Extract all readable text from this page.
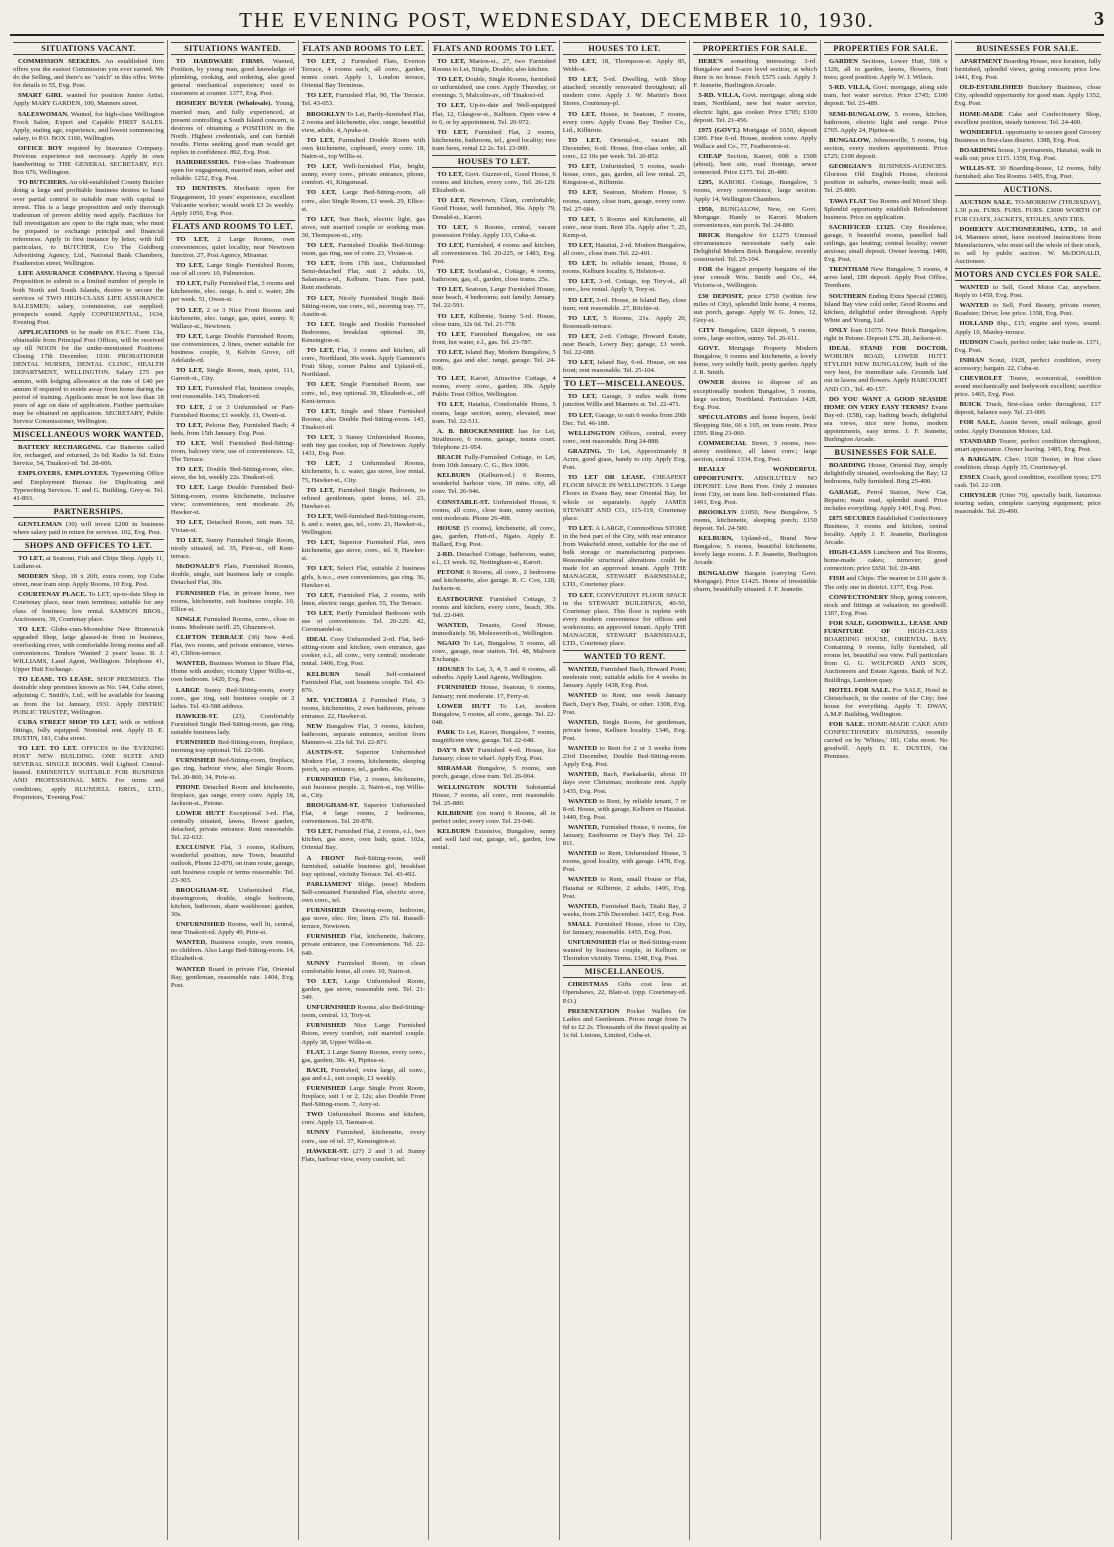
THE EVENING POST, WEDNESDAY, DECEMBER 10, 1930.	3
SITUATIONS VACANT.

COMMISSION SEEKERS. An established firm offers you the easiest Commission you ever earned. We do the Selling, and there's no "catch" in this offer. Write for details to 55, Evg. Post.

SMART GIRL wanted for position Junior Artist. Apply MARY GARDEN, 100, Manners street.

SALESWOMAN. Wanted, for high-class Wellington Frock Salon, Expert and Capable FIRST SALES. Apply, stating age, experience, and lowest commencing salary, to P.O. BOX 1166, Wellington.

OFFICE BOY required by Insurance Company. Previous experience not necessary. Apply in own handwriting to THE GENERAL SECRETARY, P.O. Box 676, Wellington.

TO BUTCHERS. An old-established County Butcher doing a large and profitable business desires to hand over partial control to suitable man with capital to invest. This is a large proposition and only thorough tradesman of proven ability need apply. Facilities for full investigation are open to the right man, who must be prepared to exchange principal and financial references. Apply in first instance by letter, with full particulars, to BUTCHER, C/o The Goldberg Advertising Agency, Ltd., National Bank Chambers, Featherston street, Wellington.

LIFE ASSURANCE COMPANY. Having a Special Proposition to submit to a limited number of people in both North and South Islands, desires to secure the services of TWO HIGH-CLASS LIFE ASSURANCE SALESMEN; salary, commission, car supplied; prospects sound. Apply CONFIDENTIAL, 1634, Evening Post.

APPLICATIONS to be made on P.S.C. Form 13a, obtainable from Principal Post Offices, will be received up till NOON for the under-mentioned Positions: Closing 17th December, 1930. PROBATIONER DENTAL NURSES, DENTAL CLINIC, HEALTH DEPARTMENT, WELLINGTON. Salary £75 per annum, with lodging allowance at the rate of £40 per annum if required to reside away from home during the period of training. Applicants must be not less than 18 years of age on date of application. Further particulars may be obtained on application. SECRETARY, Public Service Commissioner, Wellington.

MISCELLANEOUS WORK WANTED.

BATTERY RECHARGING. Car Batteries called for, recharged, and returned, 2s 6d; Radio 1s 6d. Extra Service, 54, Tinakori-rd. Tel. 28-606.

EMPLOYERS, EMPLOYEES. Typewriting Office and Employment Bureau for Duplicating and Typewriting Services. T. and G. Building, Grey-st. Tel. 41-893.

PARTNERSHIPS.

GENTLEMAN (30) will invest £200 in business where salary paid in return for services. 102, Evg. Post.

SHOPS AND OFFICES TO LET.

TO LET, at Seatoun, Fish and Chips Shop. Apply 11, Ludlam-st.

MODERN Shop, 18 x 20ft, extra room, top Cuba street, near tram stop. Apply Rooms, 10 Evg. Post.

COURTENAY PLACE. To LET, up-to-date Shop in Courtenay place, near tram terminus; suitable for any class of business; low rental. SAMSON BROS., Auctioneers, 39, Courtenay place.

TO LET. Globe-cum-Moonshine New Brunswick upgraded Shop, large glassed-in front in business, overlooking river, with comfortable living rooms and all conveniences. Tenders 'Wanted' 2 years' lease. B. J. WILLIAMS, Land Agent, Wellington. Telephone 41, Upper Hutt Exchange.

TO LEASE. TO LEASE. SHOP PREMISES. The desirable shop premises known as No. 144, Cuba street, adjoining C. Smith's, Ltd., will be available for leasing as from the 1st January, 1931. Apply DISTRIC PUBLIC TRUSTEE, Wellington.

CUBA STREET SHOP TO LET, with or without fittings, fully equipped. Nominal rent. Apply D. E. DUSTIN, 181, Cuba street.

TO LET. TO LET. OFFICES in the 'EVENING POST' NEW BUILDING. ONE SUITE AND SEVERAL SINGLE ROOMS. Well Lighted. Central-heated. EMINENTLY SUITABLE FOR BUSINESS AND PROFESSIONAL MEN. For terms and conditions, apply BLUNDELL BROS., LTD., Proprietors, 'Evening Post.'

SITUATIONS WANTED.

TO HARDWARE FIRMS. Wanted, Position, by young man, good knowledge of plumbing, cooking, and ordering, also good general mechanical experience; used to customers at counter. 1377, Evg. Post.

HOSIERY BUYER (Wholesale). Young, married man, and fully experienced, at present controlling a South Island concern, is desirous of obtaining a POSITION in the North. Highest credentials, and can furnish results. Firms seeking good man would get replies in confidence. 892, Evg. Post.

HAIRDRESSERS. First-class Tradesman open for engagement, married man, sober and reliable. 1252, Evg. Post.

TO DENTISTS. Mechanic open for Engagement, 10 years' experience, excellent Vulcanite worker; would work £3 2s weekly. Apply 1050, Evg. Post.

FLATS AND ROOMS TO LET.

TO LET, 2 Large Rooms, own conveniences, quiet locality, near Newtown Junction. 27, Post Agency, Miramar.

TO LET, Large Single Furnished Room, use of all conv. 10, Palmerston.

TO LET, Fully Furnished Flat, 3 rooms and kitchenette, elec. range, h. and c. water; 28s per week. 51, Owen-st.

TO LET, 2 or 3 Nice Front Rooms and kitchenette, elec. range, gas, quiet, sunny. 9, Wallace-st., Newtown.

TO LET, Large Double Furnished Room, use conveniences, 2 lines, owner suitable for business couple, 9, Kelvin Grove, off Adelaide-rd.

TO LET, Single Room, man, quiet, 111, Garrett-st., City.

TO LET, Furnished Flat, business couple, rent reasonable. 143, Tinakori-rd.

TO LET, 2 or 3 Unfurnished or Part-Furnished Rooms; £1 weekly. 11, Owen-st.

TO LET, Pelorus Bay, Furnished Bach; 4 beds, from 15th January. Evg. Post.

TO LET, Well Furnished Bed-Sitting-room, balcony view, use of conveniences. 12, The Terrace.

TO LET, Double Bed-Sitting-room, elec. stove, the lot, weekly 22s. Tinakori-rd.

TO LET, Large Double Furnished Bed-Sitting-room, rooms kitchenette, inclusive view; conveniences, rent moderate. 26, Hawker-st.

TO LET, Detached Room, suit man. 32, Vivian-st.

TO LET, Sunny Furnished Single Room, nicely situated, tel. 35, Pirie-st., off Kent-terrace.

McDONALD'S Flats, Furnished Rooms, double, single, suit business lady or couple. Detached Flat, 30s.

FURNISHED Flat, in private home, two rooms, kitchenette, suit business couple. 10, Ellice-st.

SINGLE Furnished Rooms, conv., close to trams. Moderate tariff. 25, Ghuznee-st.

CLIFTON TERRACE (36) New 4-rd. Flat, two rooms, and private entrance, views. 43, Clifton-terrace.

WANTED, Business Women to Share Flat, Home with another, vicinity Upper Willis-st., own bedroom. 1420, Evg. Post.

LARGE Sunny Bed-Sitting-room, every conv., gas ring, suit business couple or 2 ladies. Tel. 43-588 address.

HAWKER-ST. (23), Comfortably Furnished Single Bed-Sitting-room, gas ring, suitable business lady.

FURNISHED Bed-Sitting-room, fireplace, morning tray optional. Tel. 22-506.

FURNISHED Bed-Sitting-room, fireplace, gas ring, harbour view, also Single Room. Tel. 20-860, 34, Pirie-st.

PHONE Detached Room and kitchenette, fireplace, gas range, every conv. Apply 18, Jackson-st., Petone.

LOWER HUTT Exceptional 3-rd. Flat, centrally situated, lawns, flower garden, detached, private entrance. Rent reasonable. Tel. 22-632.

EXCLUSIVE Flat, 3 rooms, Kelburn, wonderful position, new Town, beautiful outlook, Phone 22-870, on tram route, garage, suit business couple or terms reasonable. Tel. 23-303.

BROUGHAM-ST. Unfurnished Flat, drawingroom, double, single bedroom, kitchen, bathroom, share washhouse; garden, 30s.

UNFURNISHED Rooms, well lit, central, near Tinakori-rd. Apply 49, Pirie-st.

WANTED, Business couple, own rooms, no children. Also Large Bed-Sitting-room. 14, Elizabeth-st.

WANTED Board in private Flat, Oriental Bay, gentleman, reasonable rate. 1404, Evg. Post.

FLATS AND ROOMS TO LET.

TO LET, 2 Furnished Flats, Everton Terrace, 4 rooms each, all conv., garden, tennis court. Apply 1, London terrace, Oriental Bay Terminus.

TO LET, Furnished Flat, 90, The Terrace. Tel. 43-053.

BROOKLYN To Let, Partly-furnished Flat, 2 rooms and kitchenette, elec. range, beautiful view, adults. 4, Apuka-st.

TO LET, Furnished Double Room with own kitchenette, cupboard, every conv. 18, Nairn-st., top Willis-st.

TO LET, Well-furnished Flat, bright, sunny, every conv., private entrance, phone, comfort. 41, Kingsmead.

TO LET, Large Bed-Sitting-room, all conv., also Single Room, £1 week. 29, Ellice-st.

TO LET, Sun Back, electric light, gas stove, suit married couple or working man. 30, Thompson-st., city.

TO LET, Furnished Double Bed-Sitting-room, gas ring, use of conv. 23, Vivian-st.

TO LET, from 17th inst., Unfurnished Semi-detached Flat, suit 2 adults. 16, Salamanca-rd., Kelburn. Tram. Fare paid. Rent moderate.

TO LET, Nicely Furnished Single Bed-Sitting-room, use conv., tel., morning tray. 77, Austin-st.

TO LET, Single and Double Furnished Bedrooms, breakfast optional. 39, Kensington-st.

TO LET, Flat, 3 rooms and kitchen, all conv., Northland, 30s week. Apply Gammon's Fruit Shop, corner Palms and Upland-rd., Northland.

TO LET, Single Furnished Room, use conv., tel., tray optional. 39, Elizabeth-st., off Kent-terrace.

TO LET, Single and Share Furnished Rooms; also Double Bed-Sitting-room. 143, Tinakori-rd.

TO LET, 3 Sunny Unfurnished Rooms, with tiny gas cooker, top of Newtown. Apply 1431, Evg. Post.

TO LET, 2 Unfurnished Rooms, kitchenette, h. c. water, gas stove, low rental. 75, Hawker-st., City.

TO LET, Furnished Single Bedroom, to refined gentleman, quiet home, tel. 23, Hawker-st.

TO LET, Well-furnished Bed-Sitting-room, h. and c. water, gas, tel., conv. 21, Hawker-st., Wellington.

TO LET, Superior Furnished Flat, own kitchenette, gas stove, conv., tel. 9, Hawker-st.

TO LET, Select Flat, suitable 2 business girls, h.w.c., own conveniences, gas ring. 36, Hawker-st.

TO LET, Furnished Flat, 2 rooms, with linen, electric range, garden. 55, The Terrace.

TO LET, Partly Furnished Bedroom with use of conveniences. Tel. 20-229. 42, Coromandel-st.

IDEAL Cosy Unfurnished 2-rd. Flat, bed-sitting-room and kitchen, own entrance, gas cooker, e.l., all conv., very central; moderate rental. 1406, Evg. Post.

KELBURN Small Self-contained Furnished Flat, suit business couple. Tel. 43-876.

MT. VICTORIA 2 Furnished Flats, 3 rooms, kitchenettes, 2 own bathroom, private entrance. 22, Hawker-st.

NEW Bungalow Flat, 3 rooms, kitchen, bathroom, separate entrance, section from Manners-st. 22s 6d. Tel. 22-871.

AUSTIN-ST. Superior Unfurnished Modern Flat, 3 rooms, kitchenette, sleeping porch, sep. entrance, tel., garden. 45s.

FURNISHED Flat, 2 rooms, kitchenette, suit business people. 2, Nairn-st., top Willis-st., City.

BROUGHAM-ST. Superior Unfurnished Flat, 4 large rooms, 2 bedrooms, conveniences. Tel. 20-878.

TO LET, Furnished Flat, 2 rooms, e.l., two kitchen, gas stove, own bath, quiet. 102a, Oriental Bay.

A FRONT Bed-Sitting-room, well furnished, suitable business girl, breakfast tray optional, vicinity Terrace. Tel. 43-492.

PARLIAMENT Bldgs. (near) Modern Self-contained Furnished Flat, electric stove, own conv., tel.

FURNISHED Drawing-room, bedroom, gas stove, elec. fire, linen. 27s 6d. Russell-terrace, Newtown.

FURNISHED Flat, kitchenette, balcony, private entrance, use Conveniences. Tel. 22-649.

SUNNY Furnished Room, in clean comfortable home, all conv. 10, Nairn-st.

TO LET, Large Unfurnished Room, garden, gas stove, reasonable rent. Tel. 21-349.

UNFURNISHED Rooms, also Bed-Sitting-room, central. 13, Tory-st.

FURNISHED Nice Large Furnished Room, every comfort, suit married couple. Apply 38, Upper Willis-st.

FLAT, 2 Large Sunny Rooms, every conv., gas, garden; 30s. 41, Pipitea-st.

BACH, Furnished, extra large, all conv., gas and e.l., suit couple, £1 weekly.

FURNISHED Large Single Front Room, fireplace, suit 1 or 2, 12s; also Double Front Bed-Sitting-room. 7, Arey-st.

TWO Unfurnished Rooms and kitchen, conv. Apply 13, Tasman-st.

SUNNY Furnished, kitchenette, every conv., use of tel. 37, Kensington-st.

HAWKER-ST. (27) 2 and 3 rd. Sunny Flats, harbour view, every comfort, tel.

FLATS AND ROOMS TO LET.

TO LET, Marion-st., 27, two Furnished Rooms to Let, Single, Double; also kitchen.

TO LET, Double, Single Rooms, furnished or unfurnished, use conv. Apply Thursday, or evenings. 5, Malcolm-av., off Tinakori-rd.

TO LET, Up-to-date and Well-equipped Flat, 12, Glasgow-st., Kelburn. Open view 4 to 6, or by appointment. Tel. 20-972.

TO LET, Furnished Flat, 2 rooms, kitchenette, bathroom, tel., good locality; two tram fares, rental £2 2s. Tel. 23-909.

HOUSES TO LET.

TO LET, Govt. Guzzer-rd., Good House, 6 rooms and kitchen, every conv., Tel. 26-129. Elizabeth-st.

TO LET, Newtown, Clean, comfortable, Good House, well furnished, 36s. Apply 79, Donald-st., Karori.

TO LET, 6 Rooms, central, vacant possession Friday. Apply 133, Cuba-st.

TO LET, Furnished, 4 rooms and kitchen, all conveniences. Tel. 20-225, or 1483, Evg. Post.

TO LET, Scotland-st., Cottage, 4 rooms, bathroom, gas, el., garden, close trams. 25s.

TO LET, Seatoun, Large Furnished House, near beach, 4 bedrooms; suit family; January. Tel. 22-591.

TO LET, Kilbirnie, Sunny 5-rd. House, close tram, 32s 6d. Tel. 21-778.

TO LET, Furnished Bungalow, on sea front, hot water, e.l., gas. Tel. 23-787.

TO LET, Island Bay, Modern Bungalow, 5 rooms, gas and elec. range, garage. Tel. 24-006.

TO LET, Karori, Attractive Cottage, 4 rooms, every conv., garden; 30s. Apply Public Trust Office, Wellington.

TO LET, Hataitai, Comfortable Home, 5 rooms, large section, sunny, elevated, near tram. Tel. 22-511.

A. B. BROCKENSHIRE has for Let, Strathmore, 6 rooms, garage, tennis court. Telephone 21-954.

BEACH Fully-Furnished Cottage, to Let, from 10th January. C. G., Box 1006.

KELBURN (Kelburn-rd.) 6 Rooms, wonderful harbour view, 10 mins. city, all conv. Tel. 26-946.

CONSTABLE-ST. Unfurnished House, 6 rooms, all conv., close tram, sunny section, rent moderate. Phone 26-498.

HOUSE (5 rooms), kitchenette, all conv., gas, garden, Hutt-rd., Ngaio. Apply E. Ballard, Evg. Post.

2-RD. Detached Cottage, bathroom, water, e.l., £1 week. 92, Nottingham-st., Karori.

PETONE 6 Rooms, all conv., 2 bedrooms and kitchenette, also garage. R. C. Cox, 128, Jackson-st.

EASTBOURNE Furnished Cottage, 3 rooms and kitchen, every conv., beach, 30s. Tel. 22-049.

WANTED, Tenants, Good House, immediately. 56, Molesworth-st., Wellington.

NGAIO To Let, Bungalow, 5 rooms, all conv., garage, near station. Tel. 48, Malvern Exchange.

HOUSES To Let, 3, 4, 5 and 6 rooms, all suburbs. Apply Land Agents, Wellington.

FURNISHED House, Seatoun, 6 rooms, January; rent moderate. 17, Ferry-st.

LOWER HUTT To Let, modern Bungalow, 5 rooms, all conv., garage. Tel. 22-048.

PARK To Let, Karori, Bungalow, 7 rooms, magnificent view, garage. Tel. 22-648.

DAY'S BAY Furnished 4-rd. House, for January; close to wharf. Apply Evg. Post.

MIRAMAR Bungalow, 5 rooms, sun porch, garage, close tram. Tel. 26-004.

WELLINGTON SOUTH Substantial House, 7 rooms, all conv., rent reasonable. Tel. 25-880.

KILBIRNIE (on tram) 6 Rooms, all in perfect order, every conv. Tel. 23-046.

KELBURN Extensive, Bungalow, sunny and well laid out, garage, tel., garden, low rental.

HOUSES TO LET.

TO LET, 18, Thompson-st. Apply 85, Webb-st.

TO LET, 5-rd. Dwelling, with Shop attached; recently renovated throughout; all modern conv. Apply J. W. Martin's Boot Stores, Courtenay-pl.

TO LET, House, in Seatoun, 7 rooms, every conv. Apply Evans Bay Timber Co., Ltd., Kilbirnie.

TO LET, Oriental-st., vacant 9th December, 6-rd. House, first-class order, all conv., £2 10s per week. Tel. 20-852.

TO LET, Unfurnished, 5 rooms, wash-house, conv., gas, garden, all low rental. 25, Kingston-st., Kilbirnie.

TO LET, Seatoun, Modern House, 5 rooms, sunny, close tram, garage, every conv. Tel. 27-684.

TO LET, 5 Rooms and Kitchenette, all conv., near tram. Rent 35s. Apply after 7, 25, Kemp-st.

TO LET, Hataitai, 2-rd. Modern Bungalow, all conv., close tram. Tel. 22-491.

TO LET, In reliable tenant, House, 6 rooms, Kelburn locality. 6, Helston-st.

TO LET, 3-rd. Cottage, top Tory-st., all conv., low rental. Apply 9, Tory-st.

TO LET, 3-rd. House, in Island Bay, close tram; rent reasonable. 27, Ritchie-st.

TO LET, 5 Rooms, 21s. Apply 20, Roseneath-terrace.

TO LET, 2-rd. Cottage, Howard Estate, near Beach, Lowry Bay; garage, £1 week. Tel. 22-088.

TO LET, Island Bay, 6-rd. House, on sea front; rent reasonable. Tel. 25-104.

TO LET—MISCELLANEOUS.

TO LET, Garage, 3 miles walk from junction Willis and Manners st. Tel. 22-471.

TO LET, Garage, to suit 6 weeks from 20th Dec. Tel. 46-188.

WELLINGTON Offices, central, every conv., rent reasonable. Ring 24-888.

GRAZING. To Let, Approximately 8 Acres, good grass, handy to city. Apply Evg. Post.

TO LET OR LEASE. CHEAPEST FLOOR SPACE IN WELLINGTON. 3 Large Floors in Evans Bay, near Oriental Bay, let whole or separately. Apply JAMES STEWART AND CO., 115-119, Courtenay place.

TO LET. A LARGE, Commodious STORE in the best part of the City, with rear entrance from Wakefield street, suitable for the use of bulk storage or manufacturing purposes. Reasonable structural alterations could be made for an approved tenant. Apply THE MANAGER, STEWART BARNSDALE, LTD., Courtenay place.

TO LET. CONVENIENT FLOOR SPACE in the STEWART BUILDINGS, 40-50, Courtenay place. This floor is replete with every modern convenience for offices and workrooms; an approved tenant. Apply THE MANAGER, STEWART BARNSDALE, LTD., Courtenay place.

WANTED TO RENT.

WANTED, Furnished Bach, Howard Point; moderate rent; suitable adults for 4 weeks in January. Apply 1438, Evg. Post.

WANTED to Rent, one week January Bach, Day's Bay, Titahi, or other. 1308, Evg. Post.

WANTED, Single Room, for gentleman, private home, Kelburn locality. 1346, Evg. Post.

WANTED to Rent for 2 or 3 weeks from 23rd December, Double Bed-Sitting-room. Apply Evg. Post.

WANTED, Bach, Paekakariki, about 10 days over Christmas; moderate rent. Apply 1435, Evg. Post.

WANTED to Rent, by reliable tenant, 7 or 8-rd. House, with garage, Kelburn or Hataitai. 1449, Evg. Post.

WANTED, Furnished House, 6 rooms, for January, Eastbourne or Day's Bay. Tel. 22-811.

WANTED to Rent, Unfurnished House, 5 rooms, good locality, with garage. 1478, Evg. Post.

WANTED to Rent, small House or Flat, Hataitai or Kilbirnie, 2 adults. 1495, Evg. Post.

WANTED, Furnished Bach, Titahi Bay, 2 weeks, from 27th December. 1437, Evg. Post.

SMALL Furnished House, close to City, for January, reasonable. 1455, Evg. Post.

UNFURNISHED Flat or Bed-Sitting-room wanted by business couple, in Kelburn or Thorndon vicinity. Terms. 1348, Evg. Post.

MISCELLANEOUS.

CHRISTMAS Gifts cost less at Openshaws, 22, Blair-st. (opp. Courtenay-rd. P.O.)

PRESENTATION Pocket Wallets for Ladies and Gentlemen. Prices range from 7s 6d to £2 2s. Thousands of the finest quality at 1s 6d. Lintons, Limited, Cuba-st.

PROPERTIES FOR SALE.

HERE'S something interesting: 3-rd. Bungalow and 5-acre level section, at which there is no house. Fetch £575 cash. Apply J. F. Jeanette, Burlington Arcade.

5-RD. VILLA, Govt. mortgage, along side tram, Northland, new hot water service, electric light, gas cooker. Price £705; £100 deposit. Tel. 21-456.

£975 (GOVT.) Mortgage of £650, deposit £300. Fine 6-rd. House, modern conv. Apply Wallace and Co., 77, Featherston-st.

CHEAP Section, Karori, 60ft x 150ft (about), best site, road frontage, sewer connected. Price £175. Tel. 20-480.

£295, KARORI. Cottage, Bungalow, 3 rooms, every convenience, large section. Apply 14, Wellington Chambers.

£950, BUNGALOW, New, on Govt. Mortgage. Handy to Karori. Modern conveniences, sun porch. Tel. 24-880.

BRICK Bungalow for £1275 Unusual circumstances necessitate early sale. Delightful Modern Brick Bungalow, recently constructed. Tel. 25-104.

FOR the biggest property bargains of the year consult Wm. Smith and Co., 44, Victoria-st., Wellington.

£30 DEPOSIT, price £750 (within few miles of City), splendid little home, 4 rooms, sun porch, garage. Apply W. G. Jones, 12, Grey-st.

CITY Bungalow, £820 deposit, 5 rooms, conv., large section, sunny. Tel. 26-611.

GOVT. Mortgage Property Modern Bungalow, 6 rooms and kitchenette, a lovely home, very solidly built, pretty garden. Apply J. R. Smith.

OWNER desires to dispose of an exceptionally modern Bungalow, 5 rooms, large section, Northland. Particulars 1428, Evg. Post.

SPECULATORS and home buyers, look! Shopping Site, 66 x 165, on tram route. Price £595. Ring 23-060.

COMMERCIAL Street, 3 rooms, two-storey residence, all latest conv.; large section, central. 1334, Evg. Post.

REALLY WONDERFUL OPPORTUNITY. ABSOLUTELY NO DEPOSIT. Live Rent Free. Only 2 minutes from City, on tram line. Self-contained Flats. 1491, Evg. Post.

BROOKLYN £1050, New Bungalow, 5 rooms, kitchenette, sleeping porch; £150 deposit. Tel. 24-500.

KELBURN, Upland-rd., Brand New Bungalow, 5 rooms, beautiful kitchenette, lovely large rooms. J. F. Jeanette, Burlington Arcade.

BUNGALOW Bargain (carrying Govt. Mortgage). Price £1425. Home of irresistible charm, beautifully situated. J. F. Jeanette.

PROPERTIES FOR SALE.

GARDEN Sections, Lower Hutt, 50ft x 132ft, all in garden, lawns, flowers, fruit trees; good position. Apply W. J. Wilson.

5-RD. VILLA, Govt. mortgage, along side tram, hot water service. Price £745; £100 deposit. Tel. 23-489.

SEMI-BUNGALOW, 5 rooms, kitchen, bathroom, electric light and range. Price £765. Apply 24, Pipitea-st.

BUNGALOW, Johnsonville, 5 rooms, big section, every modern appointment. Price £725; £100 deposit.

GEORGIAN'S BUSINESS-AGENCIES. Glorious Old English House, choicest position in suburbs, owner-built; must sell. Tel. 25-800.

TAWA FLAT Tea Rooms and Mixed Shop. Splendid opportunity establish Refreshment business. Price on application.

SACRIFICED £1325. City Residence, garage, 6 beautiful rooms, panelled hall ceilings, gas heating; central locality; owner anxious; small deposit. Owner leaving. 1400, Evg. Post.

TRENTHAM New Bungalow, 5 rooms, 4 acres land, £80 deposit. Apply Post Office, Trentham.

SOUTHERN Ending Extra Special (£980), Island Bay view cold order, Good Rooms and kitchen, delightful order throughout. Apply White and Young, Ltd.

ONLY loan £1075: New Brick Bungalow, right in Petone. Deposit £75. 28, Jackson-st.

IDEAL STAND FOR DOCTOR. WOBURN ROAD, LOWER HUTT. STYLISH NEW BUNGALOW, built of the very best, for immediate sale. Grounds laid out in lawns and flowers. Apply HARCOURT AND CO., Tel. 40-157.

DO YOU WANT A GOOD SEASIDE HOME ON VERY EASY TERMS? Evans Bay-rd. (£58), cap, bathing beach, delightful sea views, nice new home, modern appointments, easy terms. J. F. Jeanette, Burlington Arcade.

BUSINESSES FOR SALE.

BOARDING House, Oriental Bay, simply delightfully situated, overlooking the Bay; 12 bedrooms, fully furnished. Ring 25-400.

GARAGE, Petrol Station, New Car, Repairs; main road, splendid stand. Price includes everything. Apply 1401, Evg. Post.

£875 SECURES Established Confectionery Business, 3 rooms and kitchen, central locality. Apply J. F. Jeanette, Burlington Arcade.

HIGH-CLASS Luncheon and Tea Rooms, home-made cakes; turnover; good connection; price £650. Tel. 20-488.

FISH and Chips: The nearest to £10 gain it. The only one in district. 1377, Evg. Post.

CONFECTIONERY Shop, going concern, stock and fittings at valuation; no goodwill. 1307, Evg. Post.

FOR SALE, GOODWILL, LEASE AND FURNITURE OF	HIGH-CLASS BOARDING HOUSE, ORIENTAL BAY. Containing 9 rooms, fully furnished, all rooms let, beautiful sea view. Full particulars from G. G. WOLFORD AND SON, Auctioneers and Estate Agents, Bank of N.Z. Buildings, Lambton quay.

HOTEL FOR SALE. For SALE, Hotel in Christchurch, in the centre of the City; free house for everything. Apply T. DWAY, A.M.P. Building, Wellington.

FOR SALE. HOME-MADE CAKE AND CONFECTIONERY BUSINESS, recently carried on by 'Whites,' 181, Cuba street. No goodwill. Apply D. E. DUSTIN, On Premises.

BUSINESSES FOR SALE.

APARTMENT Boarding House, nice location, fully furnished, splendid views, going concern; price low. 1441, Evg. Post.

OLD-ESTABLISHED Butchery Business, close City, splendid opportunity for good man. Apply 1352, Evg. Post.

HOME-MADE Cake and Confectionery Shop, excellent position, steady turnover. Tel. 24-400.

WONDERFUL opportunity to secure good Grocery Business in first-class district. 1388, Evg. Post.

BOARDING house, 3 permanents, Hataitai, walk in walk out; price £115. 1359, Evg. Post.

WILLIS-ST. 30 Boarding-house, 12 rooms, fully furnished; also Tea Rooms. 1405, Evg. Post.

AUCTIONS.

AUCTION SALE. TO-MORROW (THURSDAY), 1.30 p.m. FURS. FURS. FURS. £3000 WORTH OF FUR COATS, JACKETS, STOLES, AND TIES.

DOHERTY AUCTIONEERING, LTD., 18 and 14, Manners street, have received instructions from Manufacturers, who must sell the whole of their stock, to sell by public auction. W. McDONALD, Auctioneer.

MOTORS AND CYCLES FOR SALE.

WANTED to Sell, Good Motor Car, anywhere. Reply to 1459, Evg. Post.

WANTED to Sell, Ford Beauty, private owner, Roadster; Drive; low price. 1358, Evg. Post.

HOLLAND 8hp., £15; engine and tyres, sound. Apply 10, Manley-terrace.

HUDSON Coach, perfect order; take trade-in. 1371, Evg. Post.

INDIAN Scout, 1928, perfect condition, every accessory; bargain. 22, Cuba-st.

CHEVROLET Tourer, economical, condition sound mechanically and bodywork excellent; sacrifice price. 1465, Evg. Post.

BUICK Truck, first-class order throughout, £17 deposit, balance easy. Tel. 23-000.

FOR SALE, Austin Seven, small mileage, good order. Apply Dominion Motors, Ltd.

STANDARD Tourer, perfect condition throughout, smart appearance. Owner leaving. 1485, Evg. Post.

A BARGAIN. Chev. 1928 Tourer, in first class condition; cheap. Apply 35, Courtenay-pl.

ESSEX Coach, good condition, excellent tyres; £75 cash. Tel. 22-108.

CHRYSLER (Utter 70), specially built, luxurious touring sedan, complete carrying equipment; price reasonable. Tel. 26-490.
